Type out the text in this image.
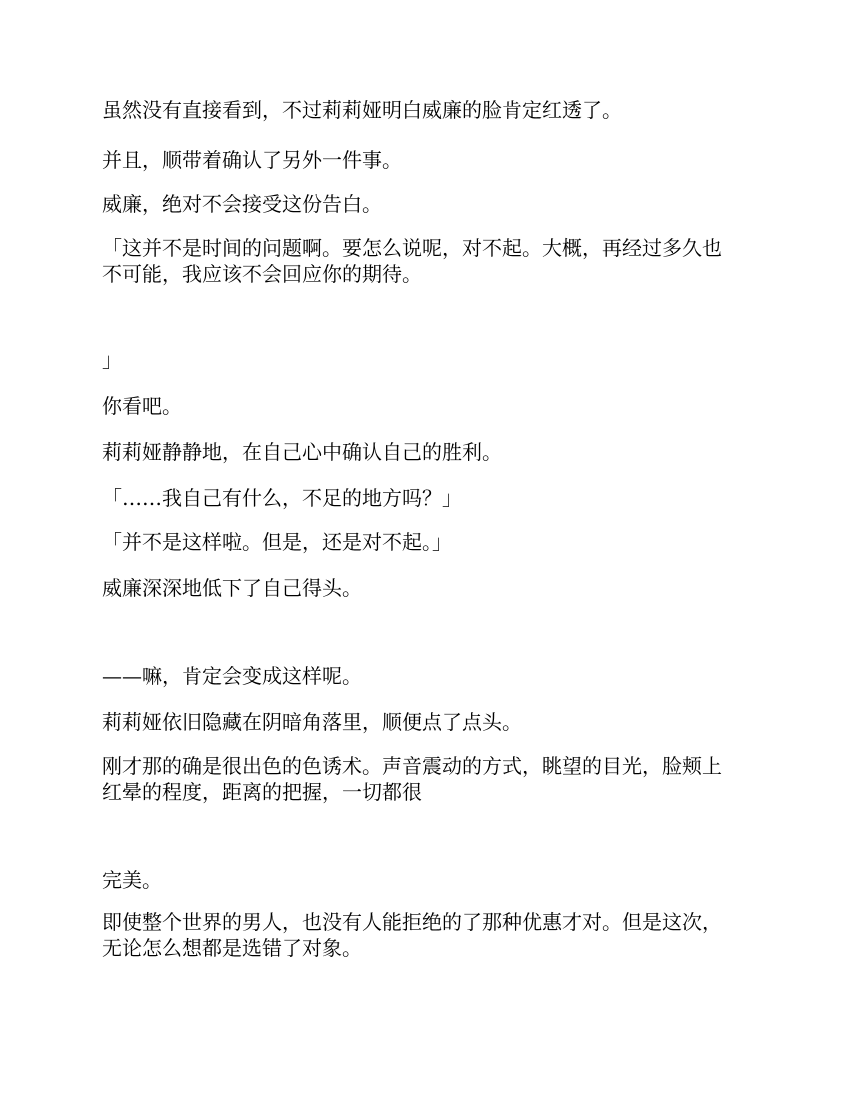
虽然没有直接看到，不过莉莉娅明白威廉的脸肯定红透了。

并且，顺带着确认了另外一件事。

威廉，绝对不会接受这份告白。

「这并不是时间的问题啊。要怎么说呢，对不起。大概，再经过多久也

不可能，我应该不会回应你的期待。

」

你看吧。

莉莉娅静静地，在自己心中确认自己的胜利。

「……我自己有什么，不足的地方吗？」

「并不是这样啦。但是，还是对不起。」

威廉深深地低下了自己得头。

——嘛，肯定会变成这样呢。

莉莉娅依旧隐藏在阴暗角落里，顺便点了点头。

刚才那的确是很出色的色诱术。声音震动的方式，眺望的目光，脸颊上

红晕的程度，距离的把握，一切都很

完美。

即使整个世界的男人，也没有人能拒绝的了那种优惠才对。但是这次，

无论怎么想都是选错了对象。
